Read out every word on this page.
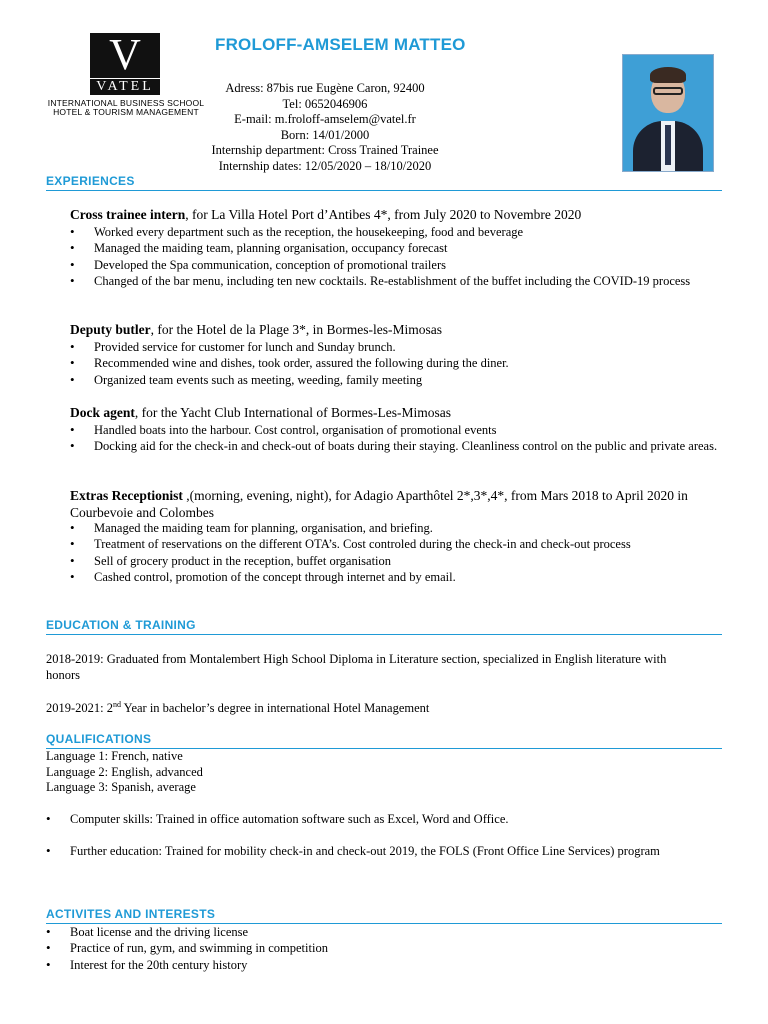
V
VATEL
INTERNATIONAL BUSINESS SCHOOL
HOTEL & TOURISM MANAGEMENT
FROLOFF-AMSELEM MATTEO
Adress: 87bis rue Eugène Caron, 92400
Tel: 0652046906
E-mail: m.froloff-amselem@vatel.fr
Born: 14/01/2000
Internship department: Cross Trained Trainee
Internship dates: 12/05/2020 – 18/10/2020
EXPERIENCES
Cross trainee intern, for La Villa Hotel Port d’Antibes 4*, from July 2020 to Novembre 2020
• Worked every department such as the reception, the housekeeping, food and beverage
• Managed the maiding team, planning organisation, occupancy forecast
• Developed the Spa communication, conception of promotional trailers
• Changed of the bar menu, including ten new cocktails. Re-establishment of the buffet including the COVID-19 process
Deputy butler, for the Hotel de la Plage 3*, in Bormes-les-Mimosas
• Provided service for customer for lunch and Sunday brunch.
• Recommended wine and dishes, took order, assured the following during the diner.
• Organized team events such as meeting, weeding, family meeting
Dock agent, for the Yacht Club International of Bormes-Les-Mimosas
• Handled boats into the harbour. Cost control, organisation of promotional events
• Docking aid for the check-in and check-out of boats during their staying. Cleanliness control on the public and private areas.
Extras Receptionist ,(morning, evening, night), for Adagio Aparthôtel 2*,3*,4*, from Mars 2018 to April 2020 in Courbevoie and Colombes
• Managed the maiding team for planning, organisation, and briefing.
• Treatment of reservations on the different OTA’s. Cost controled during the check-in and check-out process
• Sell of grocery product in the reception, buffet organisation
• Cashed control, promotion of the concept through internet and by email.
EDUCATION & TRAINING
2018-2019: Graduated from Montalembert High School Diploma in Literature section, specialized in English literature with honors
2019-2021: 2nd Year in bachelor’s degree in international Hotel Management
QUALIFICATIONS
Language 1: French, native
Language 2: English, advanced
Language 3: Spanish, average
• Computer skills: Trained in office automation software such as Excel, Word and Office.
• Further education: Trained for mobility check-in and check-out 2019, the FOLS (Front Office Line Services) program
ACTIVITES AND INTERESTS
• Boat license and the driving license
• Practice of run, gym, and swimming in competition
• Interest for the 20th century history
